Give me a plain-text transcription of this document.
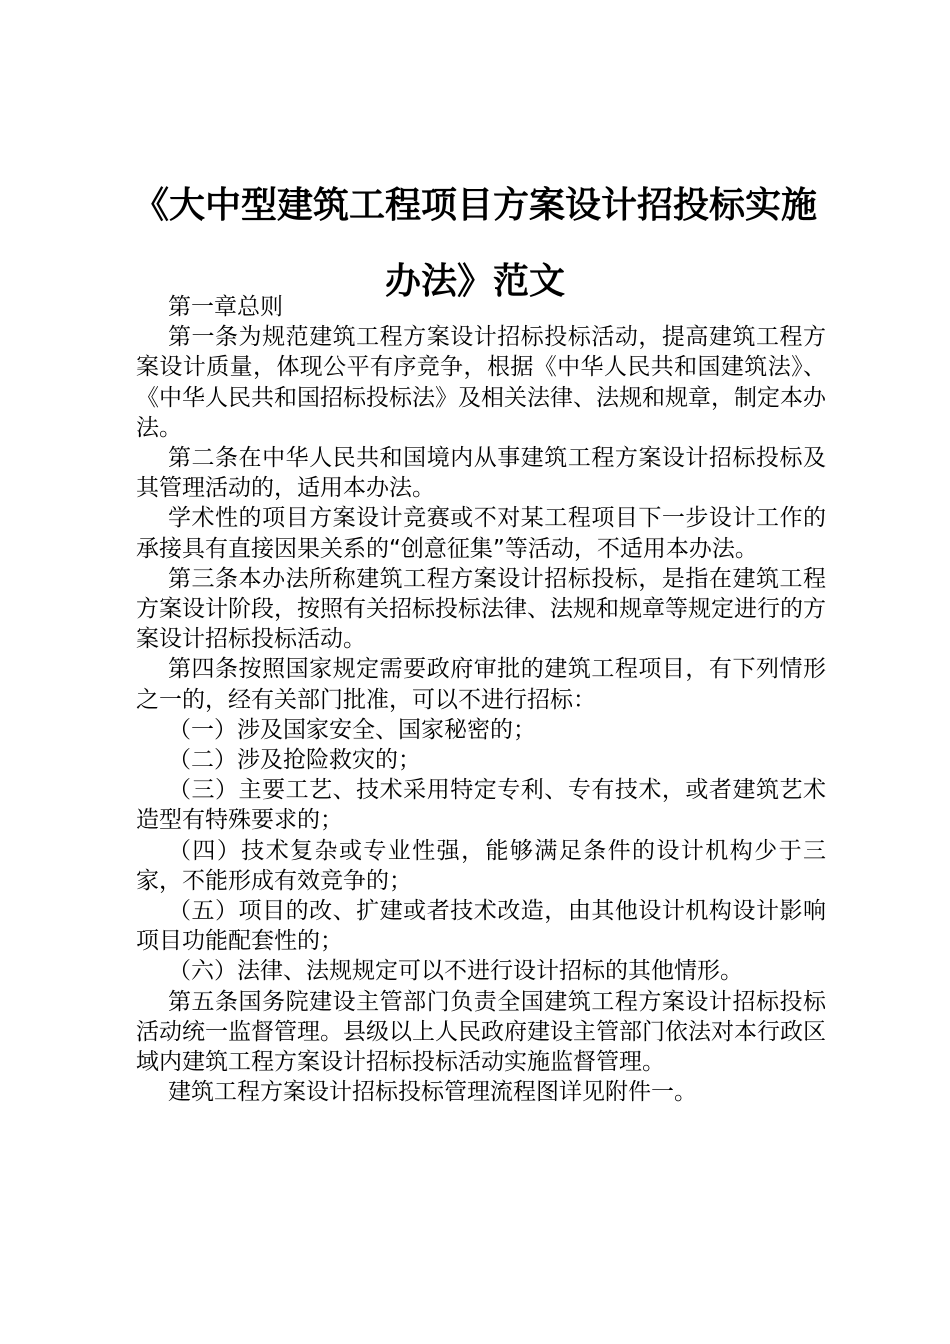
《大中型建筑工程项目方案设计招投标实施
办法》范文

第一章总则

第一条为规范建筑工程方案设计招标投标活动，提高建筑工程方案设计质量，体现公平有序竞争，根据《中华人民共和国建筑法》、《中华人民共和国招标投标法》及相关法律、法规和规章，制定本办法。

第二条在中华人民共和国境内从事建筑工程方案设计招标投标及其管理活动的，适用本办法。

学术性的项目方案设计竞赛或不对某工程项目下一步设计工作的承接具有直接因果关系的“创意征集”等活动，不适用本办法。

第三条本办法所称建筑工程方案设计招标投标，是指在建筑工程方案设计阶段，按照有关招标投标法律、法规和规章等规定进行的方案设计招标投标活动。

第四条按照国家规定需要政府审批的建筑工程项目，有下列情形之一的，经有关部门批准，可以不进行招标：

（一）涉及国家安全、国家秘密的；

（二）涉及抢险救灾的；

（三）主要工艺、技术采用特定专利、专有技术，或者建筑艺术造型有特殊要求的；

（四）技术复杂或专业性强，能够满足条件的设计机构少于三家，不能形成有效竞争的；

（五）项目的改、扩建或者技术改造，由其他设计机构设计影响项目功能配套性的；

（六）法律、法规规定可以不进行设计招标的其他情形。

第五条国务院建设主管部门负责全国建筑工程方案设计招标投标活动统一监督管理。县级以上人民政府建设主管部门依法对本行政区域内建筑工程方案设计招标投标活动实施监督管理。

建筑工程方案设计招标投标管理流程图详见附件一。
